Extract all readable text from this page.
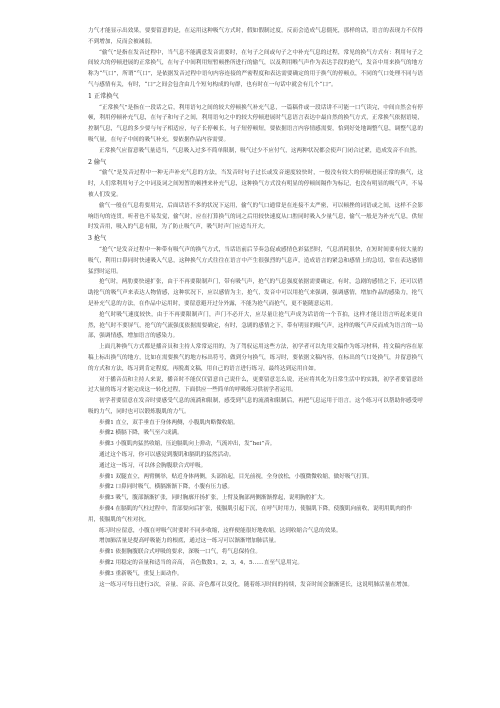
力气才能显示出效果，要要留意的是，在运用这种吸气方式时，假如假制过度，反而会造成气息僵死，那样的话，语言的表现力不仅得不到增加，反而会被减弱。

“偷气”是指在发音过程中，当气息不能满意发音需要时，在句子之间或句子之中补充气息的过程，常见的换气方式有：利用句子之间较大的停顿进展的正常换气，在句子中间利用短暂顿挫所进行的偷气，以及利用喉气声作为表达手段的抢气，发音中用来换气的地方称为“气口”，所谓“气口”，是依据发音过程中语句内容连接的严密程度和表达需要确定的用于换气的停顿点，不同的气口处理不同与语气与感情有关，有时，“口”之间会包含由几个短句构成的句群，也有时在一句话中就会有几个“口”。

1 正常换气

“正常换气”是指在一段话之后，利用语句之间的较大停顿换气补充气息，一篇稿件或一段话讲不可能一口气读完，中间自然会有停顿，利用停顿补充气息，在句子和句子之间，利用语句之中的较大停顿进展时气息语言表达中最自然的换气方式，正常换气依据语境，控制气息，气息的多少要与句子相适应，句子长停顿长，句子短停顿短，要依据语言内容情感需要，恰到好处地调整气息，调整气息的吸气量，在句子中间的吸气补充，要依据作品内容需要。

正常换气应留意吸气量适当，气息吸入过多不简单限制，吸气过少不应付气，这两种状况都会使声门闭合过紧，造成发音不自然。

2 偷气

“偷气”是发音过程中一种无声补充气息的方法，当发音时句子过长或发音速度较快时，一般没有较大的停顿进展正常的换气，这时，人们常利用句子之中词及词之间短暂的顿挫来补充气息，这种换气方式没有明显的停顿间隔作为标记，也没有明显的吸气声，不易被人们发觉。

偷气一般在气息将要用完，后面话语不多的状况下运用，偷气的气口通常是在连接不太严密，可以顿挫的词语或之间，这样不会影响语句的连贯，听者也不易发觉，偷气时，应在打算换气的词之后用较快速度从口腔同时吸入少量气息，偷气一般是为补充气息，供短时发音用，吸入的气息有限，为了防止吸气声，吸气时声门应适当开大。

3 抢气

“抢气”是发音过程中一种带有吸气声的换气方式，当话语前后节奏急促或感情色彩猛烈时，气息消耗很快，在短时间要有较大量的吸气，利用口鼻同时快速吸入气息，这种换气方式往往在语言中产生很强烈的气息声，造成语言的紧急和感情上的急切，常在表达感情猛烈时运用。

抢气时，两肋要快速扩张，由于不再要限制声门，带有吸气声，抢气的气息强度依据需要确定，有时，急剧的感情之下，还可以借助抢气的吸气声来表达人物情感，这种状况下，应以感情为主，抢气，发音中可以用抢气来强调，强调感情，增加作品的感染力，抢气是补充气息的方法，在作品中运用时，要留意避开过分外露，不能为抢气而抢气，更不能随意运用。

抢气时吸气速度较快，由于不再要限制声门，声门不必开大，应尽量让抢气声成为话语的一个节拍，这样才能让语言听起来更自然，抢气时不要屏气，抢气的气流强度依据需要确定，有时，急剧的感情之下，带有明显的吸气声，这样的吸气声反而成为语言的一局部，强调情感，增加语言的感染力。

上面几种换气方式都是播音员和主持人常常运用的，为了驾驭运用这些方法，初学者可以先用文稿作为练习材料，将文稿内容在原稿上标出换气的地方，比如在需要换气的地方标出符号，做到分句换气，练习时，要依据文稿内容，在标出的气口处换气，并留意换气的方式和方法，练习到肯定程度，再脱离文稿，用自己的语言进行练习，最终达到运用自如。

对于播音员和主持人来说，播音时不能仅仅留意自己说什么，更要留意怎么说，还应将其化为日常生活中的实践，初学者要留意经过大量的练习才能完成这一转化过程，下面供应一些简单的呼吸练习供初学者运用。

初学者要留意在发音时要感受气息的流淌和限制，感受到气息的流淌和限制后，再把气息运用于语言。这个练习可以帮助你感受呼吸的力气，同时也可以锻炼腹肌的力气。

步骤1 直立，双手垂直于身体两侧，小腹肌肉略微收缩。

步骤2 横膈下降，吸气至六成满。

步骤3 小腹肌肉猛然收缩，压迫膈肌向上弹动，气流冲出，发“hei”音。

通过这个练习，你可以感觉到腹肌和膈肌的猛然活动。

通过这一练习，可以体会胸腹联合式呼吸。

步骤1 双腿直立，两臂侧举，贴近身体两侧，头部抬起，目光前视，全身放松，小腹微微收缩，做好吸气打算。

步骤2 口鼻同时吸气，横膈渐渐下降，小腹有压力感。

步骤3 吸气，腹部渐渐扩张，同时胸廓开扬扩张，上臂及胸部两侧渐渐撑起，说明胸腔扩大。

步骤4 在膈肌的气柱过程中，背部要向后扩张，使膈肌引起下沉，在呼气时用力，使膈肌下降，使腹肌向前收，说明用肌肉的作用，使膈肌的气柱对抗。

练习时应留意，小腹在呼吸气时要时不同步收缩，这样便能很好地收缩，达到收缩合气息的效果。

增加肺活量是提高呼吸能力的根底，通过这一练习可以渐渐增加肺活量。

步骤1 依据胸腹联合式呼吸的要求，深吸一口气，将气息保持住。

步骤2 用稳定的音量和适当的音高， 音色数数1，2，3，4，5……直至气息用完。

步骤3 重新吸气，重复上面动作。

这一练习可每日进行3次，音量、音高、音色都可以变化，随着练习时间的持续，发音时间会渐渐延长，这说明肺活量在增加。
